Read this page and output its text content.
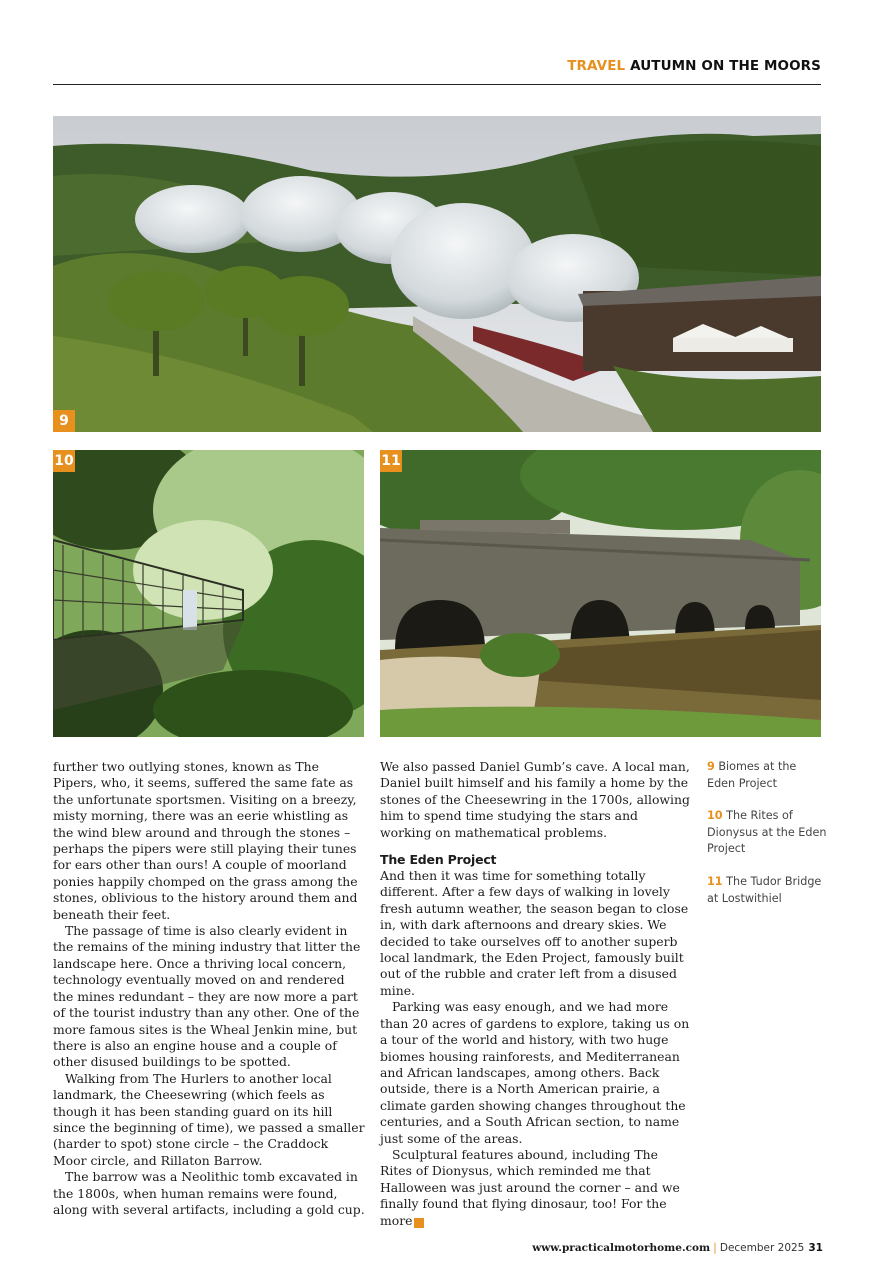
TRAVEL AUTUMN ON THE MOORS
9
10	11

further two outlying stones, known as The Pipers, who, it seems, suffered the same fate as the unfortunate sportsmen. Visiting on a breezy, misty morning, there was an eerie whistling as the wind blew around and through the stones – perhaps the pipers were still playing their tunes for ears other than ours! A couple of moorland ponies happily chomped on the grass among the stones, oblivious to the history around them and beneath their feet.

The passage of time is also clearly evident in the remains of the mining industry that litter the landscape here. Once a thriving local concern, technology eventually moved on and rendered the mines redundant – they are now more a part of the tourist industry than any other. One of the more famous sites is the Wheal Jenkin mine, but there is also an engine house and a couple of other disused buildings to be spotted.

Walking from The Hurlers to another local landmark, the Cheesewring (which feels as though it has been standing guard on its hill since the beginning of time), we passed a smaller (harder to spot) stone circle – the Craddock Moor circle, and Rillaton Barrow.

The barrow was a Neolithic tomb excavated in the 1800s, when human remains were found, along with several artifacts, including a gold cup.

We also passed Daniel Gumb’s cave. A local man, Daniel built himself and his family a home by the stones of the Cheesewring in the 1700s, allowing him to spend time studying the stars and working on mathematical problems.

The Eden Project

And then it was time for something totally different. After a few days of walking in lovely fresh autumn weather, the season began to close in, with dark afternoons and dreary skies. We decided to take ourselves off to another superb local landmark, the Eden Project, famously built out of the rubble and crater left from a disused mine.

Parking was easy enough, and we had more than 20 acres of gardens to explore, taking us on a tour of the world and history, with two huge biomes housing rainforests, and Mediterranean and African landscapes, among others. Back outside, there is a North American prairie, a climate garden showing changes throughout the centuries, and a South African section, to name just some of the areas.

Sculptural features abound, including The Rites of Dionysus, which reminded me that Halloween was just around the corner – and we finally found that flying dinosaur, too! For the more ▶

9 Biomes at the Eden Project
10 The Rites of Dionysus at the Eden Project
11 The Tudor Bridge at Lostwithiel
www.practicalmotorhome.com | December 2025 31
